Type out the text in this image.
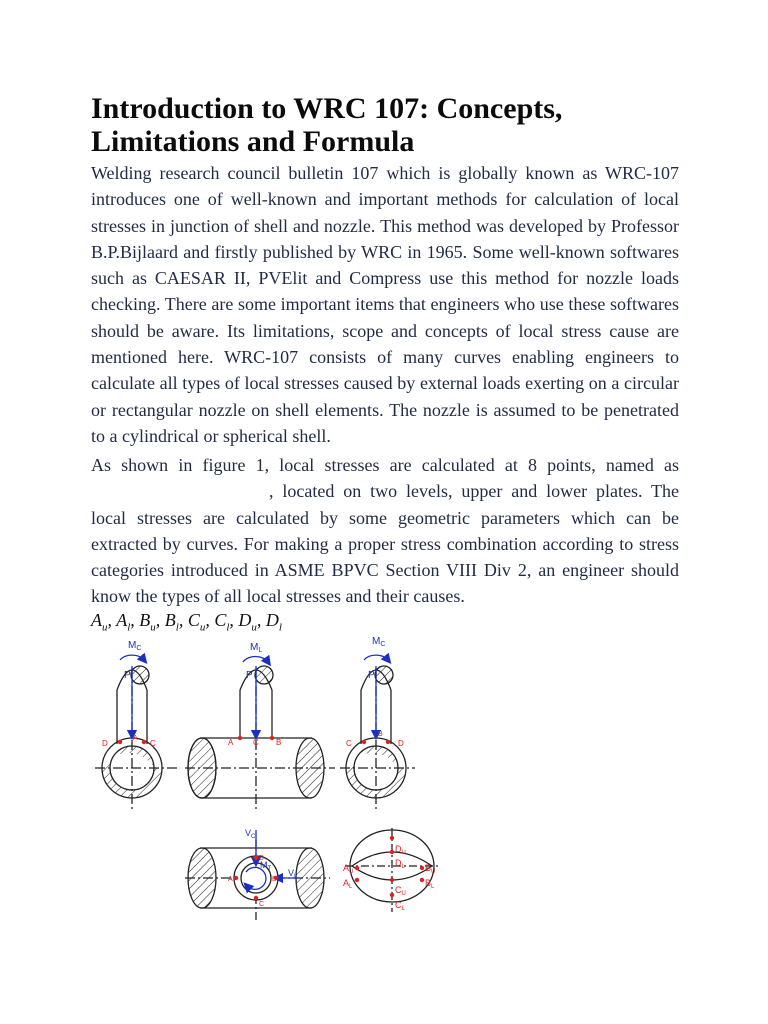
Introduction to WRC 107: Concepts, Limitations and Formula

Welding research council bulletin 107 which is globally known as WRC-107 introduces one of well-known and important methods for calculation of local stresses in junction of shell and nozzle. This method was developed by Professor B.P.Bijlaard and firstly published by WRC in 1965. Some well-known softwares such as CAESAR II, PVElit and Compress use this method for nozzle loads checking. There are some important items that engineers who use these softwares should be aware. Its limitations, scope and concepts of local stress cause are mentioned here. WRC-107 consists of many curves enabling engineers to calculate all types of local stresses caused by external loads exerting on a circular or rectangular nozzle on shell elements. The nozzle is assumed to be penetrated to a cylindrical or spherical shell.

As shown in figure 1, local stresses are calculated at 8 points, named as , located on two levels, upper and lower plates. The local stresses are calculated by some geometric parameters which can be extracted by curves. For making a proper stress combination according to stress categories introduced in ASME BPVC Section VIII Div 2, an engineer should know the types of all local stresses and their causes.

$A_u$, $A_l$, $B_u$, $B_l$, $C_u$, $C_l$, $D_u$, $D_l$
$M_C$
P
D	C
A
$M_L$
P
A C B
$M_C$
P
C	D
B
$V_C$
$M_T$ $V_L$
D
C
A	B
$D_U$
$D_L$
$A_U$
$A_L$
$B_U$
$B_L$
$C_U$
$C_L$
